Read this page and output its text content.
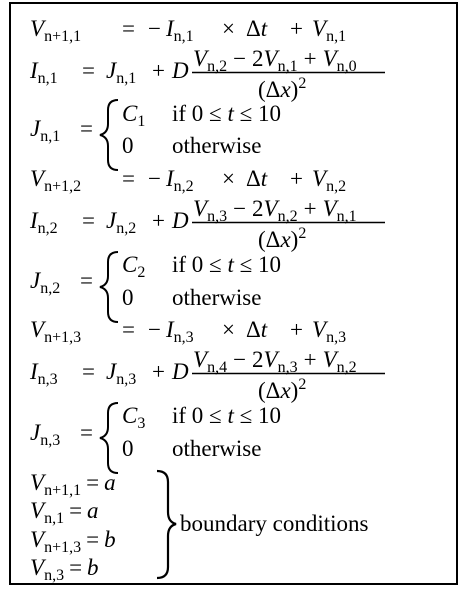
$V_{n+1,1}$ = − $I_{n,1} \times \Delta t + V_{n,1}$
$I_{n,1} = J_{n,1} + D$ $V_{n,2} - 2V_{n,1} + V_{n,0}$
$(\Delta x)^2$
$J_{n,1}$ =
$C_1$ if 0 ≤ t ≤ 10
0 otherwise
$V_{n+1,2}$ = − $I_{n,2} \times \Delta t + V_{n,2}$
$I_{n,2} = J_{n,2} + D$ $V_{n,3} - 2V_{n,2} + V_{n,1}$
$(\Delta x)^2$
$J_{n,2}$ =
$C_2$ if 0 ≤ t ≤ 10
0 otherwise
$V_{n+1,3}$ = − $I_{n,3} \times \Delta t + V_{n,3}$
$I_{n,3} = J_{n,3} + D$ $V_{n,4} - 2V_{n,3} + V_{n,2}$
$(\Delta x)^2$
$J_{n,3}$ =
$C_3$ if 0 ≤ t ≤ 10
0 otherwise
$V_{n+1,1} = a$
$V_{n,1} = a$
$V_{n+1,3} = b$
$V_{n,3} = b$
boundary conditions
